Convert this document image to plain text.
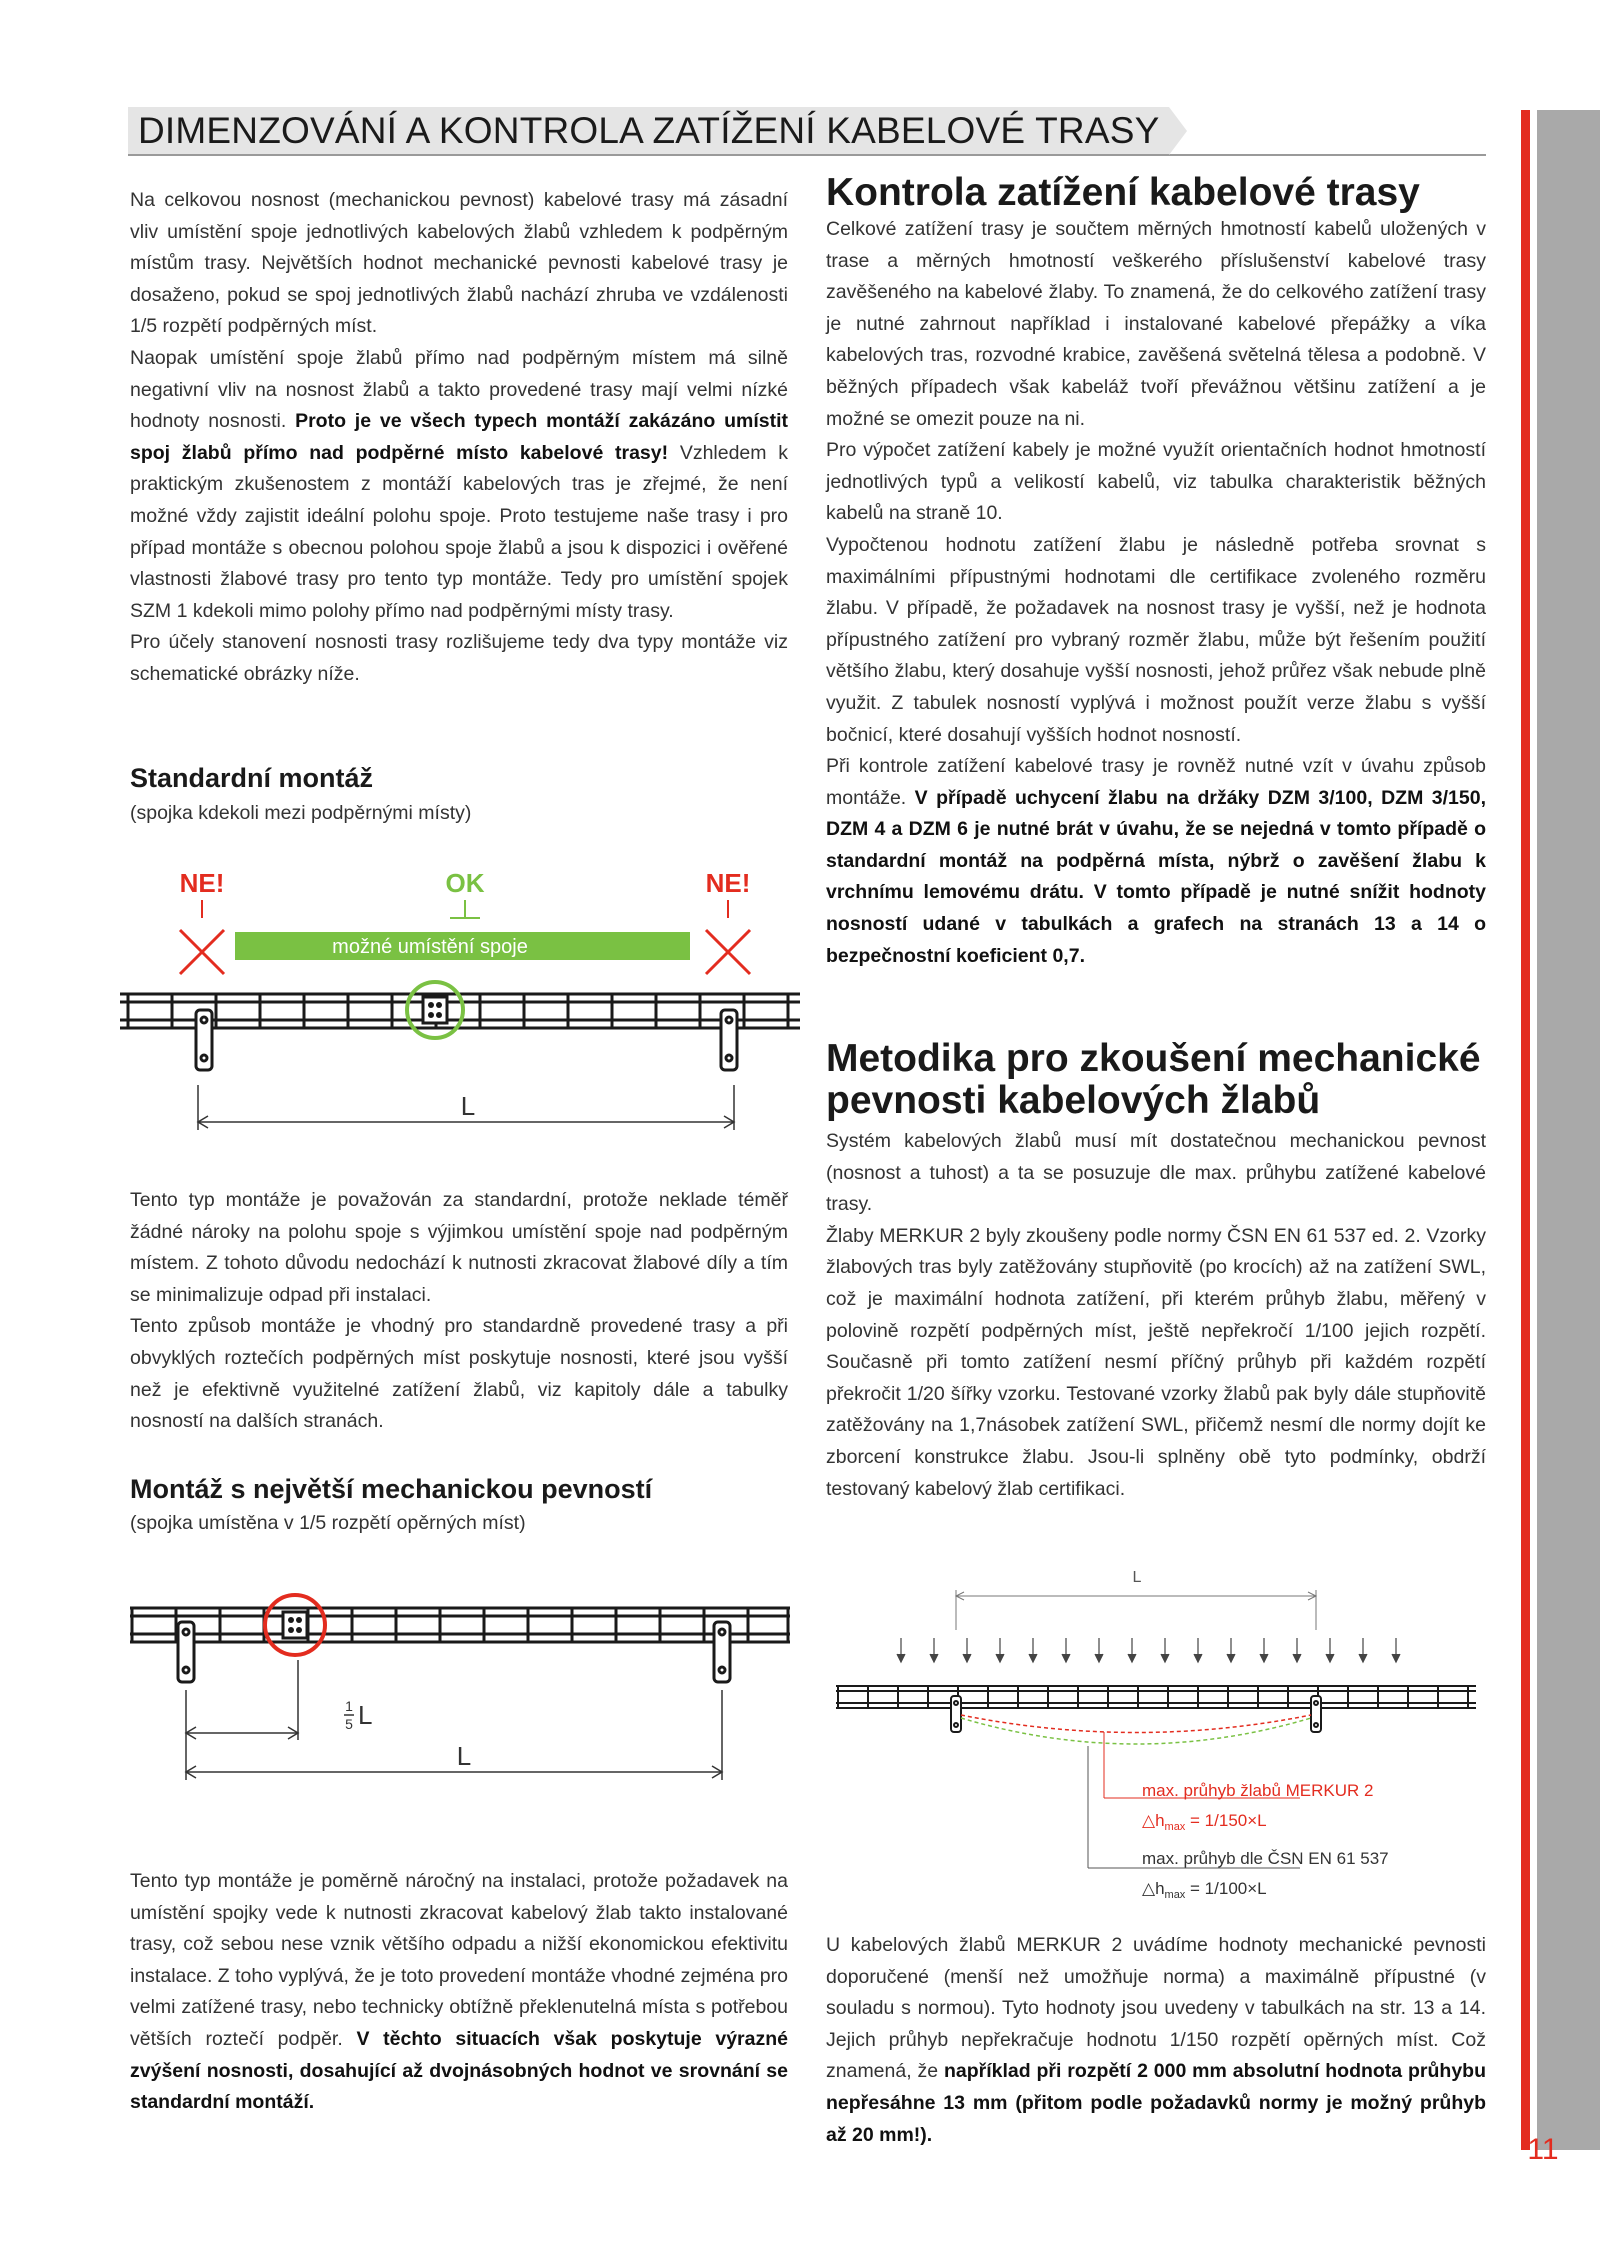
11
DIMENZOVÁNÍ A KONTROLA ZATÍŽENÍ KABELOVÉ TRASY

Na celkovou nosnost (mechanickou pevnost) kabelové trasy má zásadní vliv umístění spoje jednotlivých kabelových žlabů vzhledem k podpěrným místům trasy. Největších hodnot mechanické pevnosti kabelové trasy je dosaženo, pokud se spoj jednotlivých žlabů nachází zhruba ve vzdálenosti 1/5 rozpětí podpěrných míst.

Naopak umístění spoje žlabů přímo nad podpěrným místem má silně negativní vliv na nosnost žlabů a takto provedené trasy mají velmi nízké hodnoty nosnosti. Proto je ve všech typech montáží zakázáno umístit spoj žlabů přímo nad podpěrné místo kabelové trasy! Vzhledem k praktickým zkušenostem z montáží kabelových tras je zřejmé, že není možné vždy zajistit ideální polohu spoje. Proto testujeme naše trasy i pro případ montáže s obecnou polohou spoje žlabů a jsou k dispozici i ověřené vlastnosti žlabové trasy pro tento typ montáže. Tedy pro umístění spojek SZM 1 kdekoli mimo polohy přímo nad podpěrnými místy trasy.

Pro účely stanovení nosnosti trasy rozlišujeme tedy dva typy montáže viz schematické obrázky níže.

Standardní montáž
(spojka kdekoli mezi podpěrnými místy)
NE!	OK	NE!
možné umístění spoje
L

Tento typ montáže je považován za standardní, protože neklade téměř žádné nároky na polohu spoje s výjimkou umístění spoje nad podpěrným místem. Z tohoto důvodu nedochází k nutnosti zkracovat žlabové díly a tím se minimalizuje odpad při instalaci.

Tento způsob montáže je vhodný pro standardně provedené trasy a při obvyklých roztečích podpěrných míst poskytuje nosnosti, které jsou vyšší než je efektivně využitelné zatížení žlabů, viz kapitoly dále a tabulky nosností na dalších stranách.

Montáž s největší mechanickou pevností
(spojka umístěna v 1/5 rozpětí opěrných míst)
1
5 L
L

Tento typ montáže je poměrně náročný na instalaci, protože požadavek na umístění spojky vede k nutnosti zkracovat kabelový žlab takto instalované trasy, což sebou nese vznik většího odpadu a nižší ekonomickou efektivitu instalace. Z toho vyplývá, že je toto provedení montáže vhodné zejména pro velmi zatížené trasy, nebo technicky obtížně překlenutelná místa s potřebou větších roztečí podpěr. V těchto situacích však poskytuje výrazné zvýšení nosnosti, dosahující až dvojnásobných hodnot ve srovnání se standardní montáží.

Kontrola zatížení kabelové trasy

Celkové zatížení trasy je součtem měrných hmotností kabelů uložených v trase a měrných hmotností veškerého příslušenství kabelové trasy zavěšeného na kabelové žlaby. To znamená, že do celkového zatížení trasy je nutné zahrnout například i instalované kabelové přepážky a víka kabelových tras, rozvodné krabice, zavěšená světelná tělesa a podobně. V běžných případech však kabeláž tvoří převážnou většinu zatížení a je možné se omezit pouze na ni.

Pro výpočet zatížení kabely je možné využít orientačních hodnot hmotností jednotlivých typů a velikostí kabelů, viz tabulka charakteristik běžných kabelů na straně 10.

Vypočtenou hodnotu zatížení žlabu je následně potřeba srovnat s maximálními přípustnými hodnotami dle certifikace zvoleného rozměru žlabu. V případě, že požadavek na nosnost trasy je vyšší, než je hodnota přípustného zatížení pro vybraný rozměr žlabu, může být řešením použití většího žlabu, který dosahuje vyšší nosnosti, jehož průřez však nebude plně využit. Z tabulek nosností vyplývá i možnost použít verze žlabu s vyšší bočnicí, které dosahují vyšších hodnot nosností.

Při kontrole zatížení kabelové trasy je rovněž nutné vzít v úvahu způsob montáže. V případě uchycení žlabu na držáky DZM 3/100, DZM 3/150, DZM 4 a DZM 6 je nutné brát v úvahu, že se nejedná v tomto případě o standardní montáž na podpěrná místa, nýbrž o zavěšení žlabu k vrchnímu lemovému drátu. V tomto případě je nutné snížit hodnoty nosností udané v tabulkách a grafech na stranách 13 a 14 o bezpečnostní koeficient 0,7.

Metodika pro zkoušení mechanické
pevnosti kabelových žlabů

Systém kabelových žlabů musí mít dostatečnou mechanickou pevnost (nosnost a tuhost) a ta se posuzuje dle max. průhybu zatížené kabelové trasy.

Žlaby MERKUR 2 byly zkoušeny podle normy ČSN EN 61 537 ed. 2. Vzorky žlabových tras byly zatěžovány stupňovitě (po krocích) až na zatížení SWL, což je maximální hodnota zatížení, při kterém průhyb žlabu, měřený v polovině rozpětí podpěrných míst, ještě nepřekročí 1/100 jejich rozpětí. Současně při tomto zatížení nesmí příčný průhyb při každém rozpětí překročit 1/20 šířky vzorku. Testované vzorky žlabů pak byly dále stupňovitě zatěžovány na 1,7násobek zatížení SWL, přičemž nesmí dle normy dojít ke zborcení konstrukce žlabu. Jsou-li splněny obě tyto podmínky, obdrží testovaný kabelový žlab certifikaci.

L
max. průhyb žlabů MERKUR 2
$\triangle h_{max} = 1/150\times L$
max. průhyb dle ČSN EN 61 537
$\triangle h_{max} = 1/100\times L$

U kabelových žlabů MERKUR 2 uvádíme hodnoty mechanické pevnosti doporučené (menší než umožňuje norma) a maximálně přípustné (v souladu s normou). Tyto hodnoty jsou uvedeny v tabulkách na str. 13 a 14. Jejich průhyb nepřekračuje hodnotu 1/150 rozpětí opěrných míst. Což znamená, že například při rozpětí 2 000 mm absolutní hodnota průhybu nepřesáhne 13 mm (přitom podle požadavků normy je možný průhyb až 20 mm!).
